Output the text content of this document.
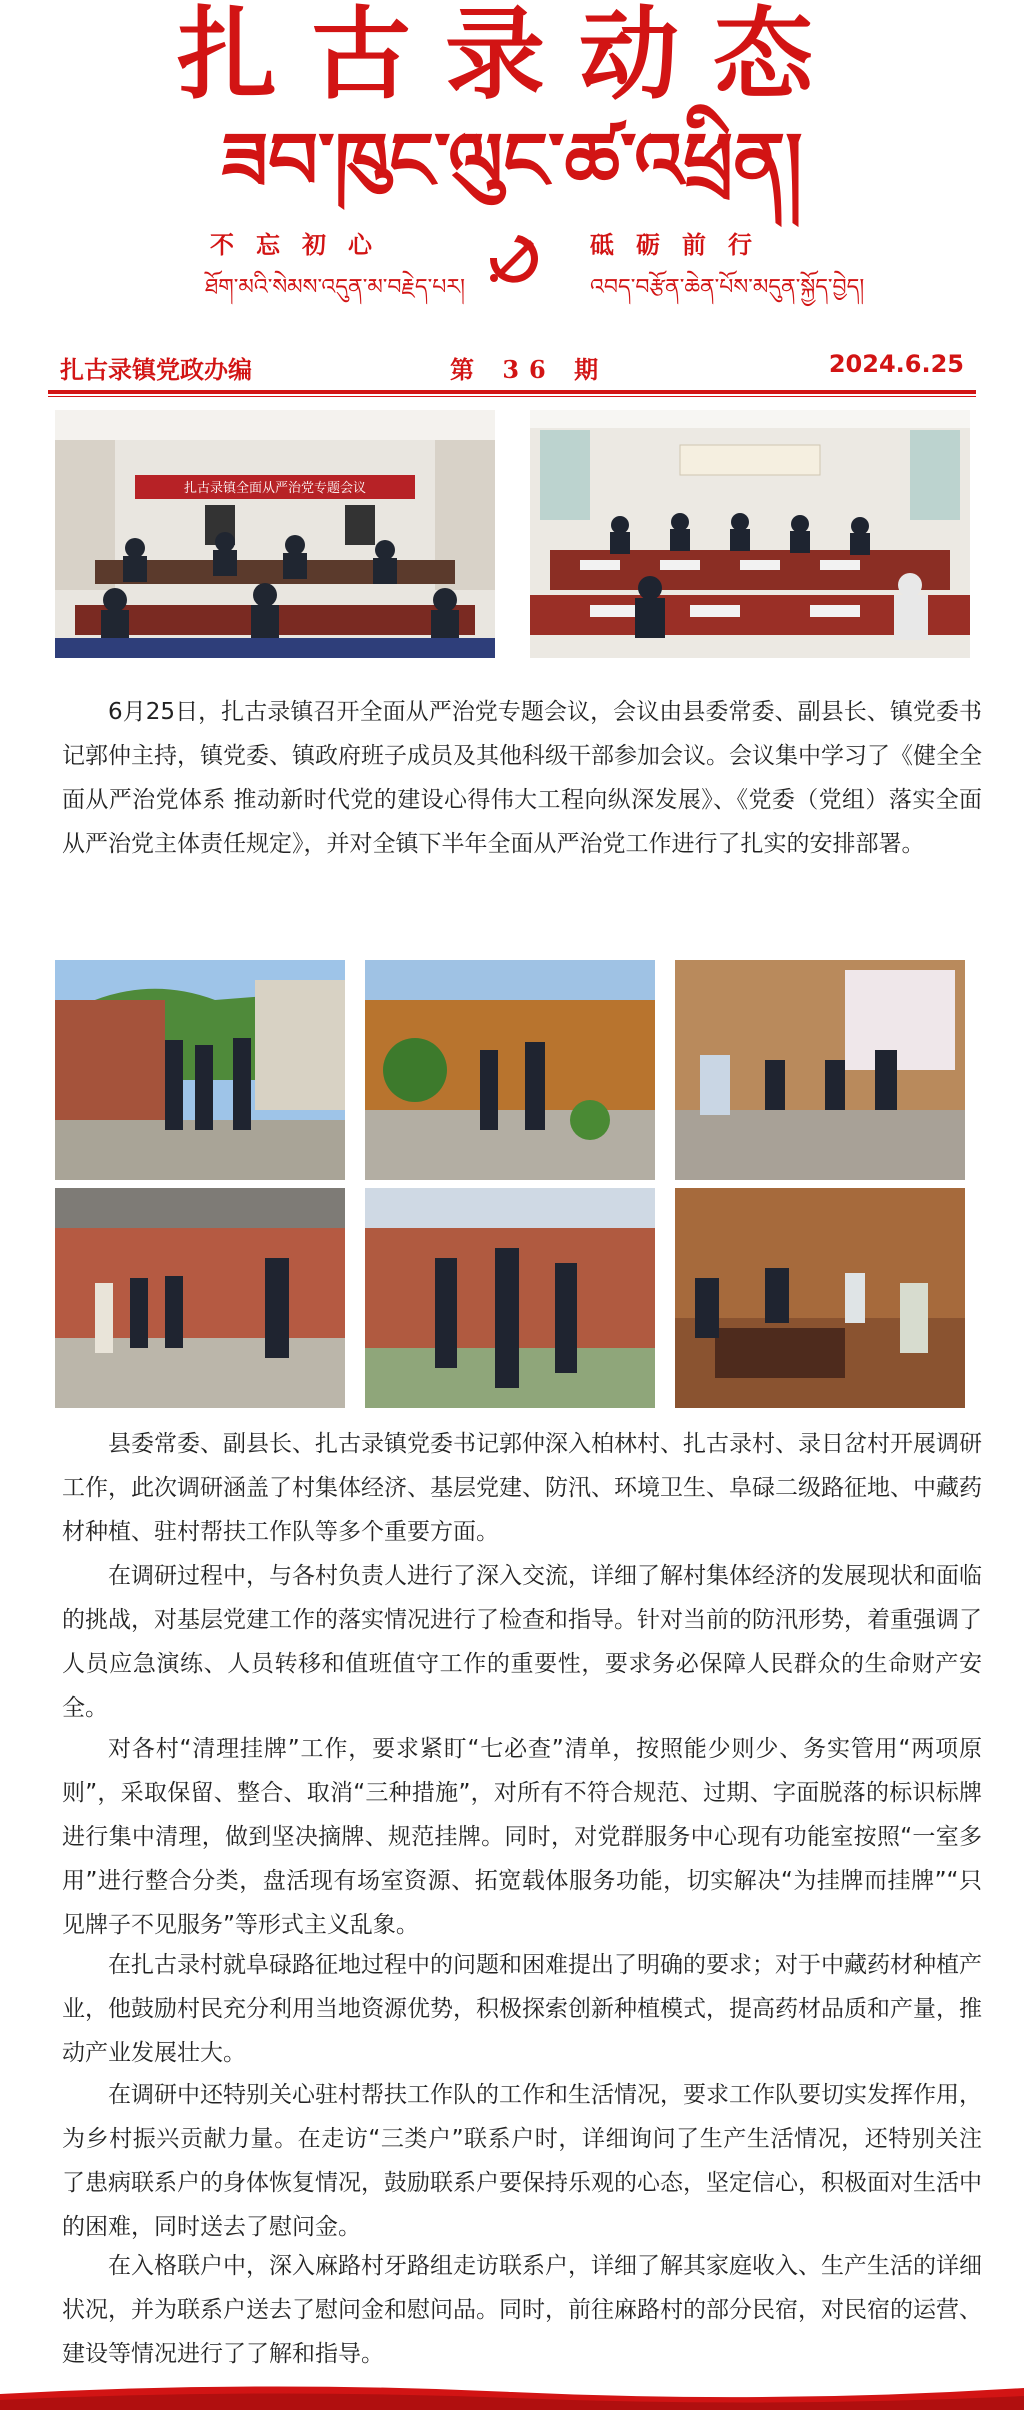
扎古录动态
ཟབ་ཁུང་ལུང་ཚ་འཕྲིན།
不忘初心	砥砺前行
ཐོག་མའི་སེམས་འདུན་མ་བརྗེད་པར།	འབད་བརྩོན་ཆེན་པོས་མདུན་སྐྱོད་བྱེད།
扎古录镇党政办编	第 36 期	2024.6.25
扎古录镇全面从严治党专题会议

6月25日，扎古录镇召开全面从严治党专题会议，会议由县委常委、副县长、镇党委书记郭仲主持，镇党委、镇政府班子成员及其他科级干部参加会议。会议集中学习了《健全全面从严治党体系 推动新时代党的建设心得伟大工程向纵深发展》、《党委（党组）落实全面从严治党主体责任规定》，并对全镇下半年全面从严治党工作进行了扎实的安排部署。

县委常委、副县长、扎古录镇党委书记郭仲深入柏林村、扎古录村、录日岔村开展调研工作，此次调研涵盖了村集体经济、基层党建、防汛、环境卫生、阜碌二级路征地、中藏药材种植、驻村帮扶工作队等多个重要方面。

在调研过程中，与各村负责人进行了深入交流，详细了解村集体经济的发展现状和面临的挑战，对基层党建工作的落实情况进行了检查和指导。针对当前的防汛形势，着重强调了人员应急演练、人员转移和值班值守工作的重要性，要求务必保障人民群众的生命财产安全。

对各村“清理挂牌”工作，要求紧盯“七必查”清单，按照能少则少、务实管用“两项原则”，采取保留、整合、取消“三种措施”，对所有不符合规范、过期、字面脱落的标识标牌进行集中清理，做到坚决摘牌、规范挂牌。同时，对党群服务中心现有功能室按照“一室多用”进行整合分类，盘活现有场室资源、拓宽载体服务功能，切实解决“为挂牌而挂牌”“只见牌子不见服务”等形式主义乱象。

在扎古录村就阜碌路征地过程中的问题和困难提出了明确的要求；对于中藏药材种植产业，他鼓励村民充分利用当地资源优势，积极探索创新种植模式，提高药材品质和产量，推动产业发展壮大。

在调研中还特别关心驻村帮扶工作队的工作和生活情况，要求工作队要切实发挥作用，为乡村振兴贡献力量。在走访“三类户”联系户时，详细询问了生产生活情况，还特别关注了患病联系户的身体恢复情况，鼓励联系户要保持乐观的心态，坚定信心，积极面对生活中的困难，同时送去了慰问金。

在入格联户中，深入麻路村牙路组走访联系户，详细了解其家庭收入、生产生活的详细状况，并为联系户送去了慰问金和慰问品。同时，前往麻路村的部分民宿，对民宿的运营、建设等情况进行了了解和指导。
